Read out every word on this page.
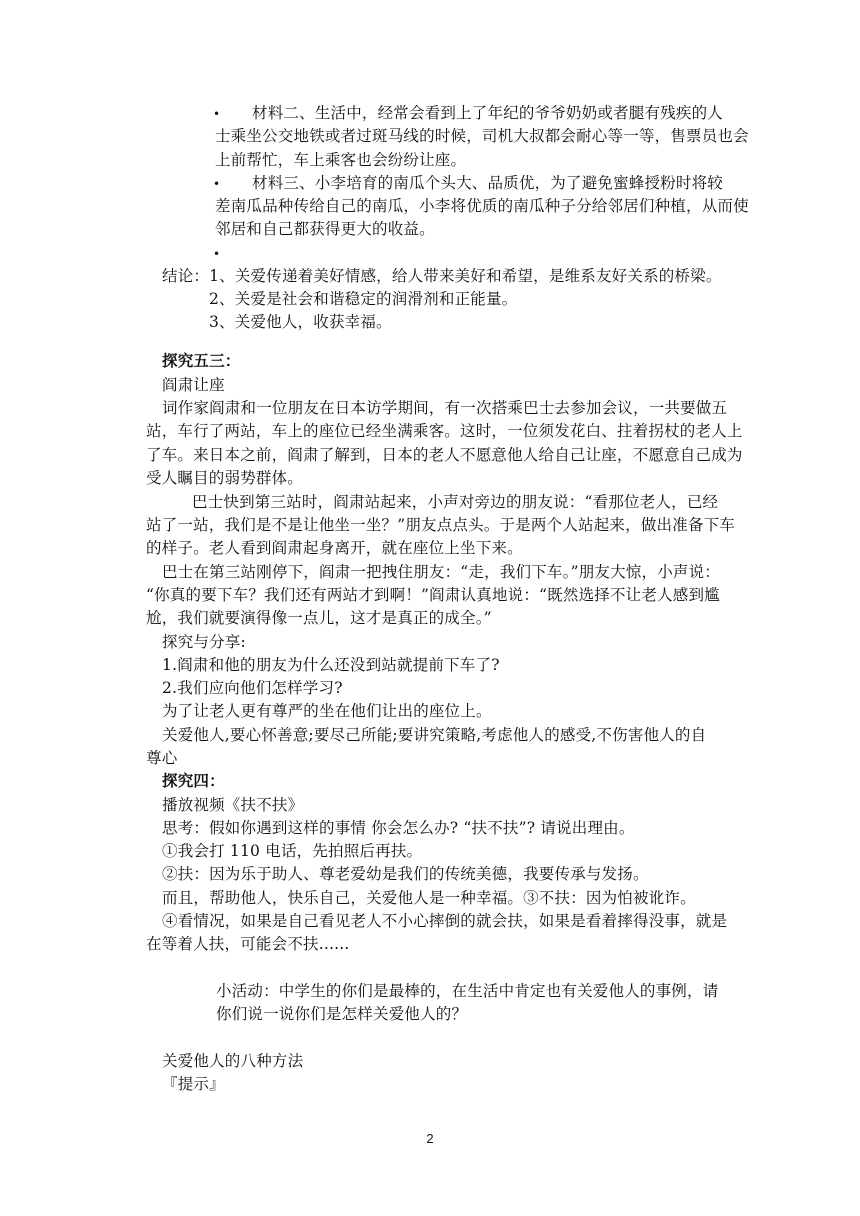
• 材料二、生活中，经常会看到上了年纪的爷爷奶奶或者腿有残疾的人
士乘坐公交地铁或者过斑马线的时候，司机大叔都会耐心等一等，售票员也会
上前帮忙，车上乘客也会纷纷让座。
• 材料三、小李培育的南瓜个头大、品质优，为了避免蜜蜂授粉时将较
差南瓜品种传给自己的南瓜，小李将优质的南瓜种子分给邻居们种植，从而使
邻居和自己都获得更大的收益。
•
结论：1、关爱传递着美好情感，给人带来美好和希望，是维系友好关系的桥梁。
2、关爱是社会和谐稳定的润滑剂和正能量。
3、关爱他人，收获幸福。
探究五三：
阎肃让座
词作家阎肃和一位朋友在日本访学期间，有一次搭乘巴士去参加会议，一共要做五
站，车行了两站，车上的座位已经坐满乘客。这时，一位须发花白、拄着拐杖的老人上
了车。来日本之前，阎肃了解到，日本的老人不愿意他人给自己让座，不愿意自己成为
受人瞩目的弱势群体。
巴士快到第三站时，阎肃站起来，小声对旁边的朋友说：“看那位老人，已经
站了一站，我们是不是让他坐一坐？”朋友点点头。于是两个人站起来，做出准备下车
的样子。老人看到阎肃起身离开，就在座位上坐下来。
巴士在第三站刚停下，阎肃一把拽住朋友：“走，我们下车。”朋友大惊，小声说：
“你真的要下车？我们还有两站才到啊！”阎肃认真地说：“既然选择不让老人感到尴
尬，我们就要演得像一点儿，这才是真正的成全。”
探究与分享:
1.阎肃和他的朋友为什么还没到站就提前下车了?
2.我们应向他们怎样学习?
为了让老人更有尊严的坐在他们让出的座位上。
关爱他人,要心怀善意;要尽己所能;要讲究策略,考虑他人的感受,不伤害他人的自
尊心
探究四：
播放视频《扶不扶》
思考：假如你遇到这样的事情 你会怎么办? “扶不扶”? 请说出理由。
①我会打 110 电话，先拍照后再扶。
②扶：因为乐于助人、尊老爱幼是我们的传统美德，我要传承与发扬。
而且，帮助他人，快乐自己，关爱他人是一种幸福。③不扶：因为怕被讹诈。
④看情况，如果是自己看见老人不小心摔倒的就会扶，如果是看着摔得没事，就是
在等着人扶，可能会不扶......
小活动：中学生的你们是最棒的，在生活中肯定也有关爱他人的事例，请
你们说一说你们是怎样关爱他人的？
关爱他人的八种方法
『提示』
2
